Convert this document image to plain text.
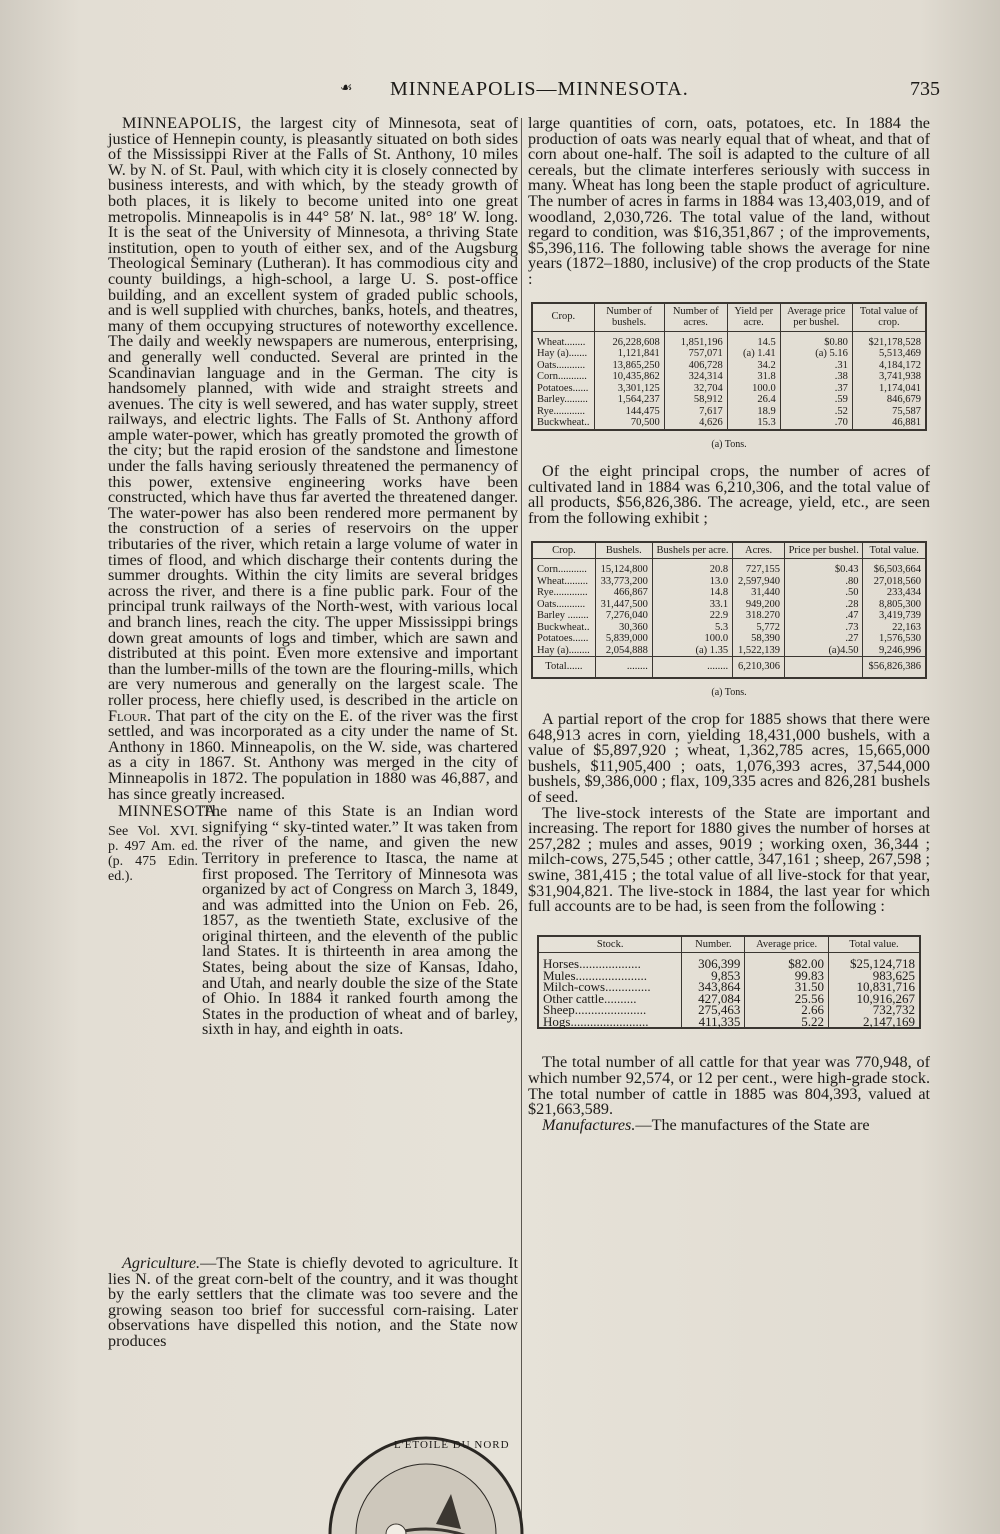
☙ MINNEAPOLIS—MINNESOTA.	735

MINNEAPOLIS, the largest city of Minnesota, seat of justice of Hennepin county, is pleasantly situated on both sides of the Mississippi River at the Falls of St. Anthony, 10 miles W. by N. of St. Paul, with which city it is closely connected by business interests, and with which, by the steady growth of both places, it is likely to become united into one great metropolis. Minneapolis is in 44° 58′ N. lat., 98° 18′ W. long. It is the seat of the University of Minnesota, a thriving State institution, open to youth of either sex, and of the Augsburg Theological Seminary (Lutheran). It has commodious city and county buildings, a high-school, a large U. S. post-office building, and an excellent system of graded public schools, and is well supplied with churches, banks, hotels, and theatres, many of them occupying structures of noteworthy excellence. The daily and weekly newspapers are numerous, enterprising, and generally well conducted. Several are printed in the Scandinavian language and in the German. The city is handsomely planned, with wide and straight streets and avenues. The city is well sewered, and has water supply, street railways, and electric lights. The Falls of St. Anthony afford ample water-power, which has greatly promoted the growth of the city; but the rapid erosion of the sandstone and limestone under the falls having seriously threatened the permanency of this power, extensive engineering works have been constructed, which have thus far averted the threatened danger. The water-power has also been rendered more permanent by the construction of a series of reservoirs on the upper tributaries of the river, which retain a large volume of water in times of flood, and which discharge their contents during the summer droughts. Within the city limits are several bridges across the river, and there is a fine public park. Four of the principal trunk railways of the North-west, with various local and branch lines, reach the city. The upper Mississippi brings down great amounts of logs and timber, which are sawn and distributed at this point. Even more extensive and important than the lumber-mills of the town are the flouring-mills, which are very numerous and generally on the largest scale. The roller process, here chiefly used, is described in the article on Flour. That part of the city on the E. of the river was the first settled, and was incorporated as a city under the name of St. Anthony in 1860. Minneapolis, on the W. side, was chartered as a city in 1867. St. Anthony was merged in the city of Minneapolis in 1872. The population in 1880 was 46,887, and has since greatly increased.

See Vol. XVI. p. 497 Am. ed. (p. 475 Edin. ed.).

MINNESOTA.

The name of this State is an Indian word signifying “ sky-tinted water.” It was taken from the river of the name, and given the new Territory in preference to Itasca, the name at first proposed. The Territory of Minnesota was organized by act of Congress on March 3, 1849, and was admitted into the Union on Feb. 26, 1857, as the twentieth State, exclusive of the original thirteen, and the eleventh of the public land States. It is thirteenth in area among the States, being about the size of Kansas, Idaho, and Utah, and nearly double the size of the State of Ohio. In 1884 it ranked fourth among the States in the production of wheat and of barley, sixth in hay, and eighth in oats.
L'ETOILE DU NORD

Agriculture.—The State is chiefly devoted to agriculture. It lies N. of the great corn-belt of the country, and it was thought by the early settlers that the climate was too severe and the growing season too brief for successful corn-raising. Later observations have dispelled this notion, and the State now produces

large quantities of corn, oats, potatoes, etc. In 1884 the production of oats was nearly equal that of wheat, and that of corn about one-half. The soil is adapted to the culture of all cereals, but the climate interferes seriously with success in many. Wheat has long been the staple product of agriculture. The number of acres in farms in 1884 was 13,403,019, and of woodland, 2,030,726. The total value of the land, without regard to condition, was $16,351,867 ; of the improvements, $5,396,116. The following table shows the average for nine years (1872–1880, inclusive) of the crop products of the State :

Crop.	Number of bushels.	Number of acres.	Yield per acre.	Average price per bushel.	Total value of crop.
Wheat........	26,228,608	1,851,196	14.5	$0.80	$21,178,528
Hay (a).......	1,121,841	757,071	(a) 1.41	(a) 5.16	5,513,469
Oats...........	13,865,250	406,728	34.2	.31	4,184,172
Corn...........	10,435,862	324,314	31.8	.38	3,741,938
Potatoes......	3,301,125	32,704	100.0	.37	1,174,041
Barley.........	1,564,237	58,912	26.4	.59	846,679
Rye............	144,475	7,617	18.9	.52	75,587
Buckwheat..	70,500	4,626	15.3	.70	46,881
(a) Tons.

Of the eight principal crops, the number of acres of cultivated land in 1884 was 6,210,306, and the total value of all products, $56,826,386. The acreage, yield, etc., are seen from the following exhibit ;

Crop.	Bushels.	Bushels per acre.	Acres.	Price per bushel.	Total value.
Corn...........	15,124,800	20.8	727,155	$0.43	$6,503,664
Wheat.........	33,773,200	13.0	2,597,940	.80	27,018,560
Rye.............	466,867	14.8	31,440	.50	233,434
Oats...........	31,447,500	33.1	949,200	.28	8,805,300
Barley ........	7,276,040	22.9	318.270	.47	3,419,739
Buckwheat..	30,360	5.3	5,772	.73	22,163
Potatoes......	5,839,000	100.0	58,390	.27	1,576,530
Hay (a)........	2,054,888	(a) 1.35	1,522,139	(a)4.50	9,246,996
Total......	........	........	6,210,306		$56,826,386
(a) Tons.

A partial report of the crop for 1885 shows that there were 648,913 acres in corn, yielding 18,431,000 bushels, with a value of $5,897,920 ; wheat, 1,362,785 acres, 15,665,000 bushels, $11,905,400 ; oats, 1,076,393 acres, 37,544,000 bushels, $9,386,000 ; flax, 109,335 acres and 826,281 bushels of seed.

The live-stock interests of the State are important and increasing. The report for 1880 gives the number of horses at 257,282 ; mules and asses, 9019 ; working oxen, 36,344 ; milch-cows, 275,545 ; other cattle, 347,161 ; sheep, 267,598 ; swine, 381,415 ; the total value of all live-stock for that year, $31,904,821. The live-stock in 1884, the last year for which full accounts are to be had, is seen from the following :

Stock.	Number.	Average price.	Total value.
Horses...................	306,399	$82.00	$25,124,718
Mules......................	9,853	99.83	983,625
Milch-cows..............	343,864	31.50	10,831,716
Other cattle..........	427,084	25.56	10,916,267
Sheep......................	275,463	2.66	732,732
Hogs........................	411,335	5.22	2,147,169

The total number of all cattle for that year was 770,948, of which number 92,574, or 12 per cent., were high-grade stock. The total number of cattle in 1885 was 804,393, valued at $21,663,589.

Manufactures.—The manufactures of the State are
